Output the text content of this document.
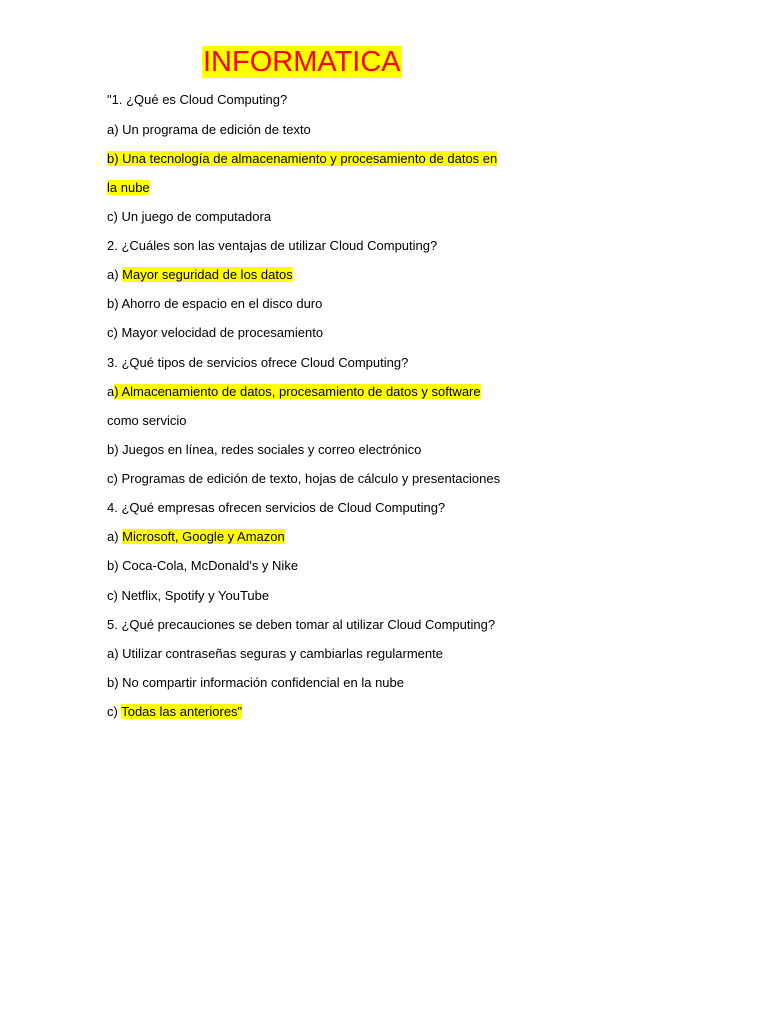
INFORMATICA
"1. ¿Qué es Cloud Computing?
a) Un programa de edición de texto
b) Una tecnología de almacenamiento y procesamiento de datos en
la nube
c) Un juego de computadora
2. ¿Cuáles son las ventajas de utilizar Cloud Computing?
a) Mayor seguridad de los datos
b) Ahorro de espacio en el disco duro
c) Mayor velocidad de procesamiento
3. ¿Qué tipos de servicios ofrece Cloud Computing?
a) Almacenamiento de datos, procesamiento de datos y software
como servicio
b) Juegos en línea, redes sociales y correo electrónico
c) Programas de edición de texto, hojas de cálculo y presentaciones
4. ¿Qué empresas ofrecen servicios de Cloud Computing?
a) Microsoft, Google y Amazon
b) Coca-Cola, McDonald's y Nike
c) Netflix, Spotify y YouTube
5. ¿Qué precauciones se deben tomar al utilizar Cloud Computing?
a) Utilizar contraseñas seguras y cambiarlas regularmente
b) No compartir información confidencial en la nube
c) Todas las anteriores"
